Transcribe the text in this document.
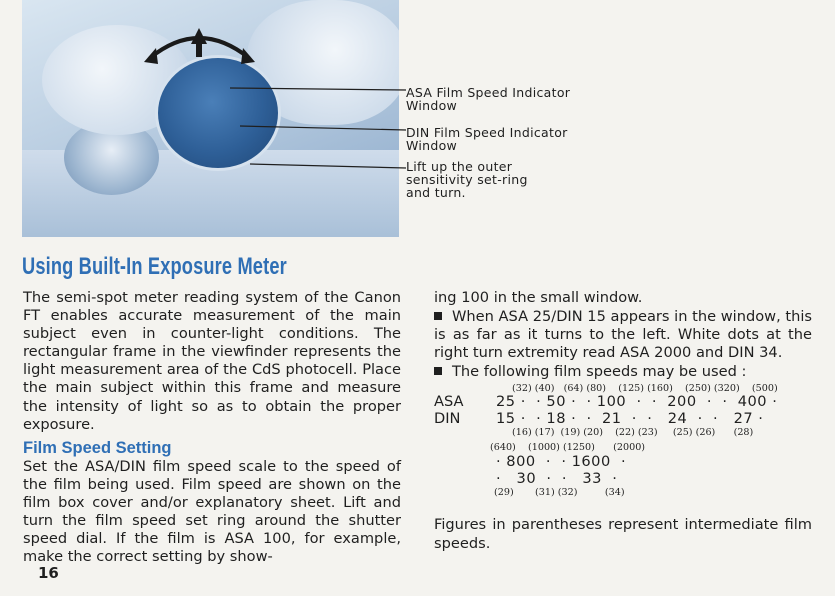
ASA Film Speed Indicator
Window
DIN Film Speed Indicator
Window
Lift up the outer
sensitivity set-ring
and turn.
Using Built-In Exposure Meter

The semi-spot meter reading system of the Canon FT enables accurate measurement of the main subject even in counter-light conditions. The rectangular frame in the viewfinder represents the light measurement area of the CdS photocell. Place the main subject within this frame and measure the intensity of light so as to obtain the proper exposure.

Film Speed Setting

Set the ASA/DIN film speed scale to the speed of the film being used. Film speed are shown on the film box cover and/or explanatory sheet. Lift and turn the film speed set ring around the shutter speed dial. If the film is ASA 100, for example, make the correct setting by show-

ing 100 in the small window.

When ASA 25/DIN 15 appears in the window, this is as far as it turns to the left. White dots at the right turn extremity read ASA 2000 and DIN 34.

The following film speeds may be used :

(32) (40)   (64) (80)    (125) (160)    (250) (320)    (500)
ASA 25 ·  · 50 ·  · 100  ·  ·  200  ·  ·  400 ·
DIN 15 ·  · 18 ·  ·  21  ·  ·   24  ·  ·   27 ·
(16) (17)  (19) (20)    (22) (23)     (25) (26)      (28)
(640)    (1000) (1250)      (2000)
· 800  ·  · 1600  ·
·   30  ·  ·   33  ·
(29)       (31) (32)         (34)

Figures in parentheses represent intermediate film speeds.

16
